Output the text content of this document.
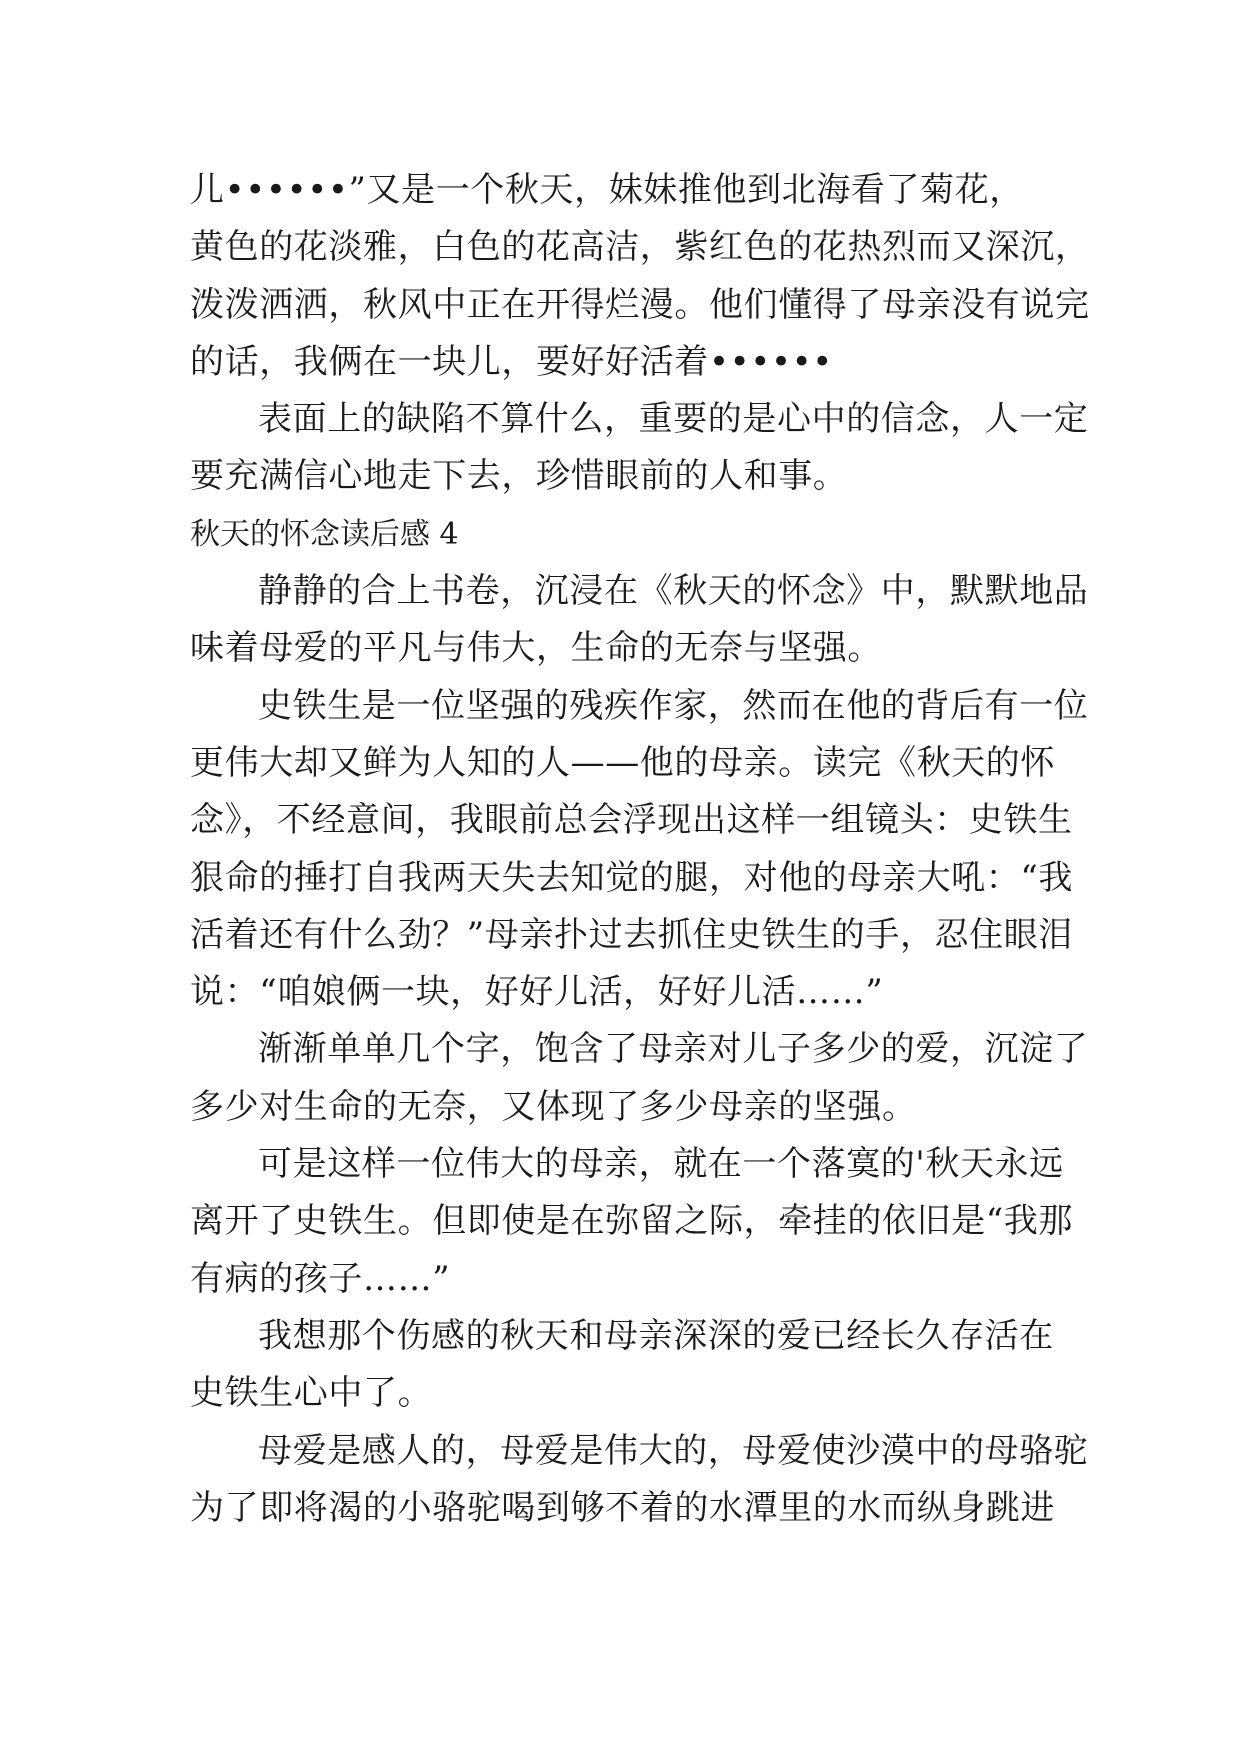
儿••••••”又是一个秋天，妹妹推他到北海看了菊花，
黄色的花淡雅，白色的花高洁，紫红色的花热烈而又深沉，
泼泼洒洒，秋风中正在开得烂漫。他们懂得了母亲没有说完
的话，我俩在一块儿，要好好活着••••••
表面上的缺陷不算什么，重要的是心中的信念，人一定
要充满信心地走下去，珍惜眼前的人和事。
秋天的怀念读后感 4
静静的合上书卷，沉浸在《秋天的怀念》中，默默地品
味着母爱的平凡与伟大，生命的无奈与坚强。
史铁生是一位坚强的残疾作家，然而在他的背后有一位
更伟大却又鲜为人知的人——他的母亲。读完《秋天的怀
念》，不经意间，我眼前总会浮现出这样一组镜头：史铁生
狠命的捶打自我两天失去知觉的腿，对他的母亲大吼：“我
活着还有什么劲？”母亲扑过去抓住史铁生的手，忍住眼泪
说：“咱娘俩一块，好好儿活，好好儿活……”
渐渐单单几个字，饱含了母亲对儿子多少的爱，沉淀了
多少对生命的无奈，又体现了多少母亲的坚强。
可是这样一位伟大的母亲，就在一个落寞的'秋天永远
离开了史铁生。但即使是在弥留之际，牵挂的依旧是“我那
有病的孩子……”
我想那个伤感的秋天和母亲深深的爱已经长久存活在
史铁生心中了。
母爱是感人的，母爱是伟大的，母爱使沙漠中的母骆驼
为了即将渴的小骆驼喝到够不着的水潭里的水而纵身跳进
